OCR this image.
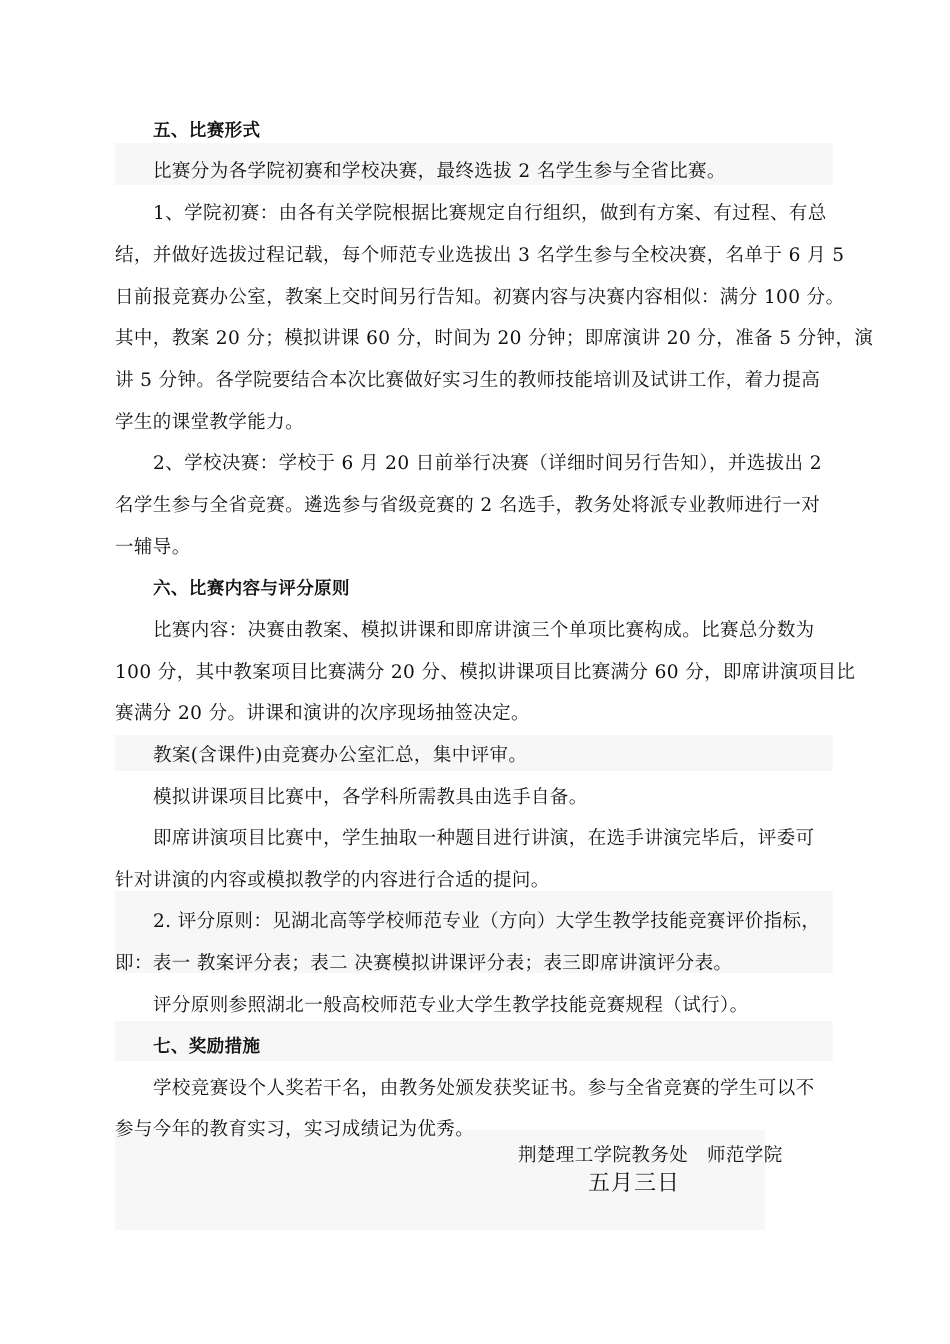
五、比赛形式
比赛分为各学院初赛和学校决赛，最终选拔 2 名学生参与全省比赛。
1、学院初赛：由各有关学院根据比赛规定自行组织，做到有方案、有过程、有总
结，并做好选拔过程记载，每个师范专业选拔出 3 名学生参与全校决赛，名单于 6 月 5
日前报竞赛办公室，教案上交时间另行告知。初赛内容与决赛内容相似：满分 100 分。
其中，教案 20 分；模拟讲课 60 分，时间为 20 分钟；即席演讲 20 分，准备 5 分钟，演
讲 5 分钟。各学院要结合本次比赛做好实习生的教师技能培训及试讲工作，着力提高
学生的课堂教学能力。
2、学校决赛：学校于 6 月 20 日前举行决赛（详细时间另行告知），并选拔出 2
名学生参与全省竞赛。遴选参与省级竞赛的 2 名选手，教务处将派专业教师进行一对
一辅导。
六、比赛内容与评分原则
比赛内容：决赛由教案、模拟讲课和即席讲演三个单项比赛构成。比赛总分数为
100 分，其中教案项目比赛满分 20 分、模拟讲课项目比赛满分 60 分，即席讲演项目比
赛满分 20 分。讲课和演讲的次序现场抽签决定。
教案(含课件)由竞赛办公室汇总，集中评审。
模拟讲课项目比赛中，各学科所需教具由选手自备。
即席讲演项目比赛中，学生抽取一种题目进行讲演，在选手讲演完毕后，评委可
针对讲演的内容或模拟教学的内容进行合适的提问。
2. 评分原则：见湖北高等学校师范专业（方向）大学生教学技能竞赛评价指标，
即：表一 教案评分表；表二 决赛模拟讲课评分表；表三即席讲演评分表。
评分原则参照湖北一般高校师范专业大学生教学技能竞赛规程（试行）。
七、奖励措施
学校竞赛设个人奖若干名，由教务处颁发获奖证书。参与全省竞赛的学生可以不
参与今年的教育实习，实习成绩记为优秀。
荆楚理工学院教务处　师范学院
五月三日
